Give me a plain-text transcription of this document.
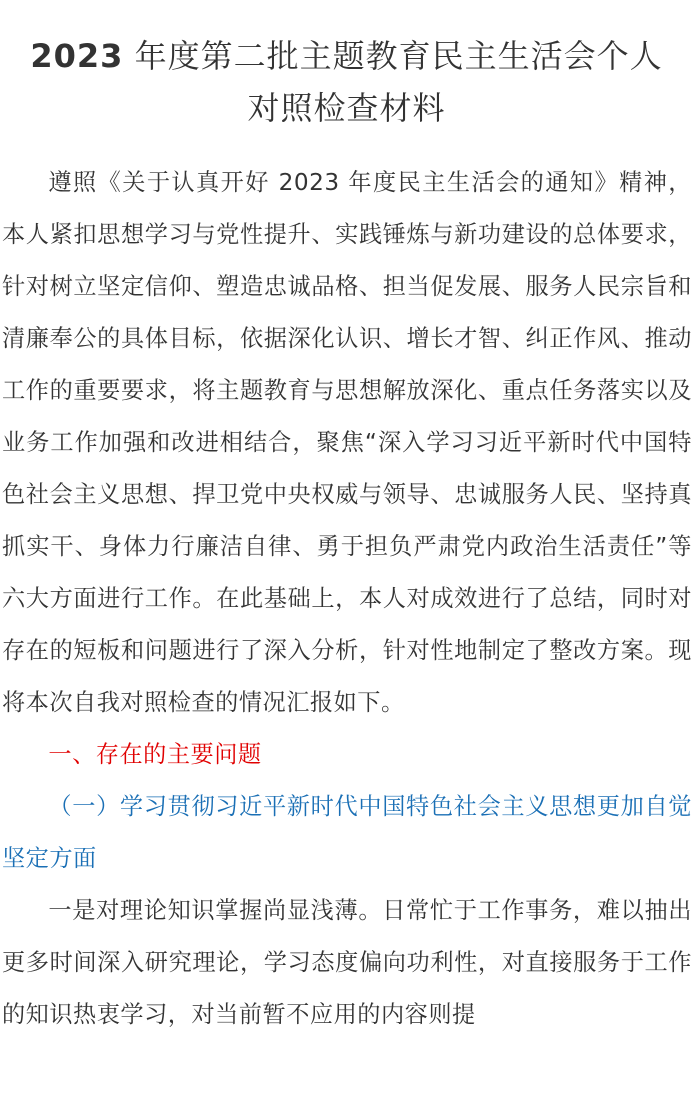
2023 年度第二批主题教育民主生活会个人
对照检查材料

遵照《关于认真开好 2023 年度民主生活会的通知》精神，本人紧扣思想学习与党性提升、实践锤炼与新功建设的总体要求，针对树立坚定信仰、塑造忠诚品格、担当促发展、服务人民宗旨和清廉奉公的具体目标，依据深化认识、增长才智、纠正作风、推动工作的重要要求，将主题教育与思想解放深化、重点任务落实以及业务工作加强和改进相结合，聚焦“深入学习习近平新时代中国特色社会主义思想、捍卫党中央权威与领导、忠诚服务人民、坚持真抓实干、身体力行廉洁自律、勇于担负严肃党内政治生活责任”等六大方面进行工作。在此基础上，本人对成效进行了总结，同时对存在的短板和问题进行了深入分析，针对性地制定了整改方案。现将本次自我对照检查的情况汇报如下。

一、存在的主要问题

（一）学习贯彻习近平新时代中国特色社会主义思想更加自觉坚定方面

一是对理论知识掌握尚显浅薄。日常忙于工作事务，难以抽出更多时间深入研究理论，学习态度偏向功利性，对直接服务于工作的知识热衷学习，对当前暂不应用的内容则提
